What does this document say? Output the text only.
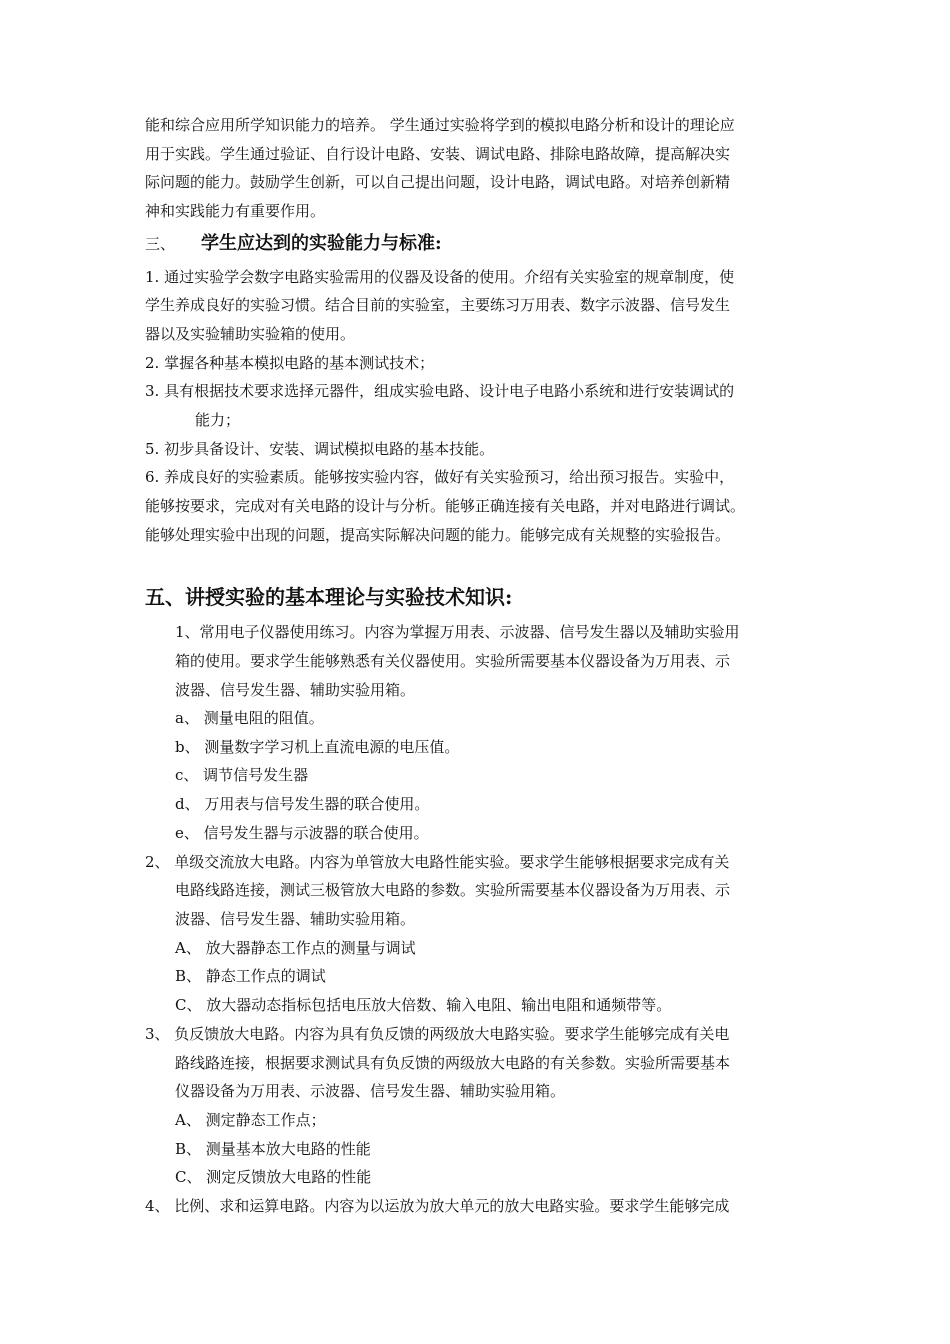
能和综合应用所学知识能力的培养。 学生通过实验将学到的模拟电路分析和设计的理论应

用于实践。学生通过验证、自行设计电路、安装、调试电路、排除电路故障，提高解决实

际问题的能力。鼓励学生创新，可以自己提出问题，设计电路，调试电路。对培养创新精

神和实践能力有重要作用。

三、 学生应达到的实验能力与标准:

1. 通过实验学会数字电路实验需用的仪器及设备的使用。介绍有关实验室的规章制度，使

学生养成良好的实验习惯。结合目前的实验室，主要练习万用表、数字示波器、信号发生

器以及实验辅助实验箱的使用。

2. 掌握各种基本模拟电路的基本测试技术；

3. 具有根据技术要求选择元器件，组成实验电路、设计电子电路小系统和进行安装调试的

能力；

5. 初步具备设计、安装、调试模拟电路的基本技能。

6. 养成良好的实验素质。能够按实验内容，做好有关实验预习，给出预习报告。实验中，

能够按要求，完成对有关电路的设计与分析。能够正确连接有关电路，并对电路进行调试。

能够处理实验中出现的问题，提高实际解决问题的能力。能够完成有关规整的实验报告。

五、讲授实验的基本理论与实验技术知识:

1、常用电子仪器使用练习。内容为掌握万用表、示波器、信号发生器以及辅助实验用

箱的使用。要求学生能够熟悉有关仪器使用。实验所需要基本仪器设备为万用表、示

波器、信号发生器、辅助实验用箱。

a、 测量电阻的阻值。

b、 测量数字学习机上直流电源的电压值。

c、 调节信号发生器

d、 万用表与信号发生器的联合使用。

e、 信号发生器与示波器的联合使用。

2、 单级交流放大电路。内容为单管放大电路性能实验。要求学生能够根据要求完成有关

电路线路连接，测试三极管放大电路的参数。实验所需要基本仪器设备为万用表、示

波器、信号发生器、辅助实验用箱。

A、 放大器静态工作点的测量与调试

B、 静态工作点的调试

C、 放大器动态指标包括电压放大倍数、输入电阻、输出电阻和通频带等。

3、 负反馈放大电路。内容为具有负反馈的两级放大电路实验。要求学生能够完成有关电

路线路连接，根据要求测试具有负反馈的两级放大电路的有关参数。实验所需要基本

仪器设备为万用表、示波器、信号发生器、辅助实验用箱。

A、 测定静态工作点；

B、 测量基本放大电路的性能

C、 测定反馈放大电路的性能

4、 比例、求和运算电路。内容为以运放为放大单元的放大电路实验。要求学生能够完成
